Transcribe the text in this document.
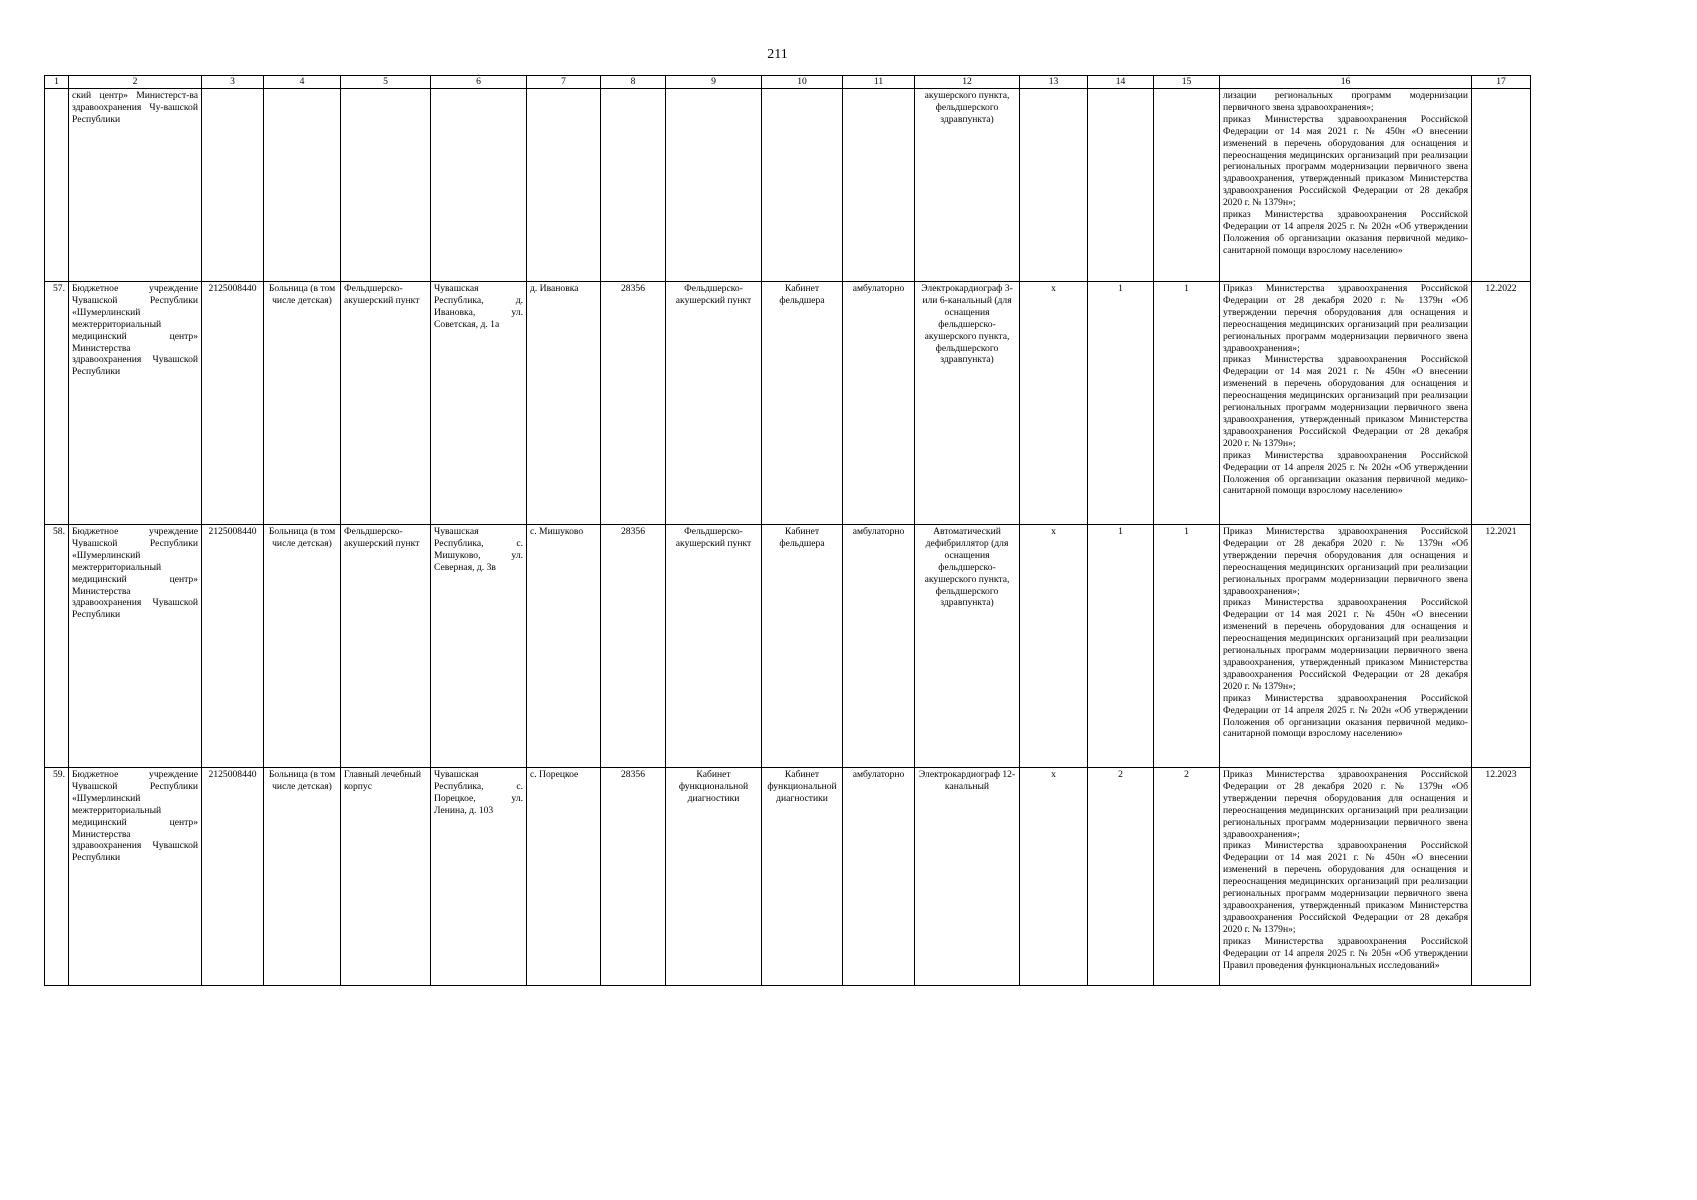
211
1	2	3	4	5	6	7	8	9	10	11	12	13	14	15	16	17
	ский центр» Министерст-ва здравоохранения Чу-вашской Республики										акушерского пункта, фельдшерского здравпункта)				лизации региональных программ модернизации первичного звена здравоохранения»;

приказ Министерства здравоохранения Российской Федерации от 14 мая 2021 г. № 450н «О внесении изменений в перечень оборудования для оснащения и переоснащения медицинских организаций при реализации региональных программ модернизации первичного звена здравоохранения, утвержденный приказом Министерства здравоохранения Российской Федерации от 28 декабря 2020 г. № 1379н»;

приказ Министерства здравоохранения Российской Федерации от 14 апреля 2025 г. № 202н «Об утверждении Положения об организации оказания первичной медико-санитарной помощи взрослому населению»	

57.	Бюджетное учреждение Чувашской Республики «Шумерлинский межтерриториальный медицинский центр» Министерства здравоохранения Чувашской Республики	2125008440	Больница (в том числе детская)	Фельдшерско-акушерский пункт	Чувашская Республика, д. Ивановка, ул. Советская, д. 1а	д. Ивановка	28356	Фельдшерско-акушерский пункт	Кабинет фельдшера	амбулаторно	Электрокардиограф 3- или 6-канальный (для оснащения фельдшерско-акушерского пункта, фельдшерского здравпункта)	x	1	1	Приказ Министерства здравоохранения Российской Федерации от 28 декабря 2020 г. № 1379н «Об утверждении перечня оборудования для оснащения и переоснащения медицинских организаций при реализации региональных программ модернизации первичного звена здравоохранения»;

приказ Министерства здравоохранения Российской Федерации от 14 мая 2021 г. № 450н «О внесении изменений в перечень оборудования для оснащения и переоснащения медицинских организаций при реализации региональных программ модернизации первичного звена здравоохранения, утвержденный приказом Министерства здравоохранения Российской Федерации от 28 декабря 2020 г. № 1379н»;

приказ Министерства здравоохранения Российской Федерации от 14 апреля 2025 г. № 202н «Об утверждении Положения об организации оказания первичной медико-санитарной помощи взрослому населению»	12.2022
58.	Бюджетное учреждение Чувашской Республики «Шумерлинский межтерриториальный медицинский центр» Министерства здравоохранения Чувашской Республики	2125008440	Больница (в том числе детская)	Фельдшерско-акушерский пункт	Чувашская Республика, с. Мишуково, ул. Северная, д. 3в	с. Мишуково	28356	Фельдшерско-акушерский пункт	Кабинет фельдшера	амбулаторно	Автоматический дефибриллятор (для оснащения фельдшерско-акушерского пункта, фельдшерского здравпункта)	x	1	1	Приказ Министерства здравоохранения Российской Федерации от 28 декабря 2020 г. № 1379н «Об утверждении перечня оборудования для оснащения и переоснащения медицинских организаций при реализации региональных программ модернизации первичного звена здравоохранения»;

приказ Министерства здравоохранения Российской Федерации от 14 мая 2021 г. № 450н «О внесении изменений в перечень оборудования для оснащения и переоснащения медицинских организаций при реализации региональных программ модернизации первичного звена здравоохранения, утвержденный приказом Министерства здравоохранения Российской Федерации от 28 декабря 2020 г. № 1379н»;

приказ Министерства здравоохранения Российской Федерации от 14 апреля 2025 г. № 202н «Об утверждении Положения об организации оказания первичной медико-санитарной помощи взрослому населению»	12.2021
59.	Бюджетное учреждение Чувашской Республики «Шумерлинский межтерриториальный медицинский центр» Министерства здравоохранения Чувашской Республики	2125008440	Больница (в том числе детская)	Главный лечебный корпус	Чувашская Республика, с. Порецкое, ул. Ленина, д. 103	с. Порецкое	28356	Кабинет функциональной диагностики	Кабинет функциональной диагностики	амбулаторно	Электрокардиограф 12-канальный	x	2	2	Приказ Министерства здравоохранения Российской Федерации от 28 декабря 2020 г. № 1379н «Об утверждении перечня оборудования для оснащения и переоснащения медицинских организаций при реализации региональных программ модернизации первичного звена здравоохранения»;

приказ Министерства здравоохранения Российской Федерации от 14 мая 2021 г. № 450н «О внесении изменений в перечень оборудования для оснащения и переоснащения медицинских организаций при реализации региональных программ модернизации первичного звена здравоохранения, утвержденный приказом Министерства здравоохранения Российской Федерации от 28 декабря 2020 г. № 1379н»;

приказ Министерства здравоохранения Российской Федерации от 14 апреля 2025 г. № 205н «Об утверждении Правил проведения функциональных исследований»	12.2023
